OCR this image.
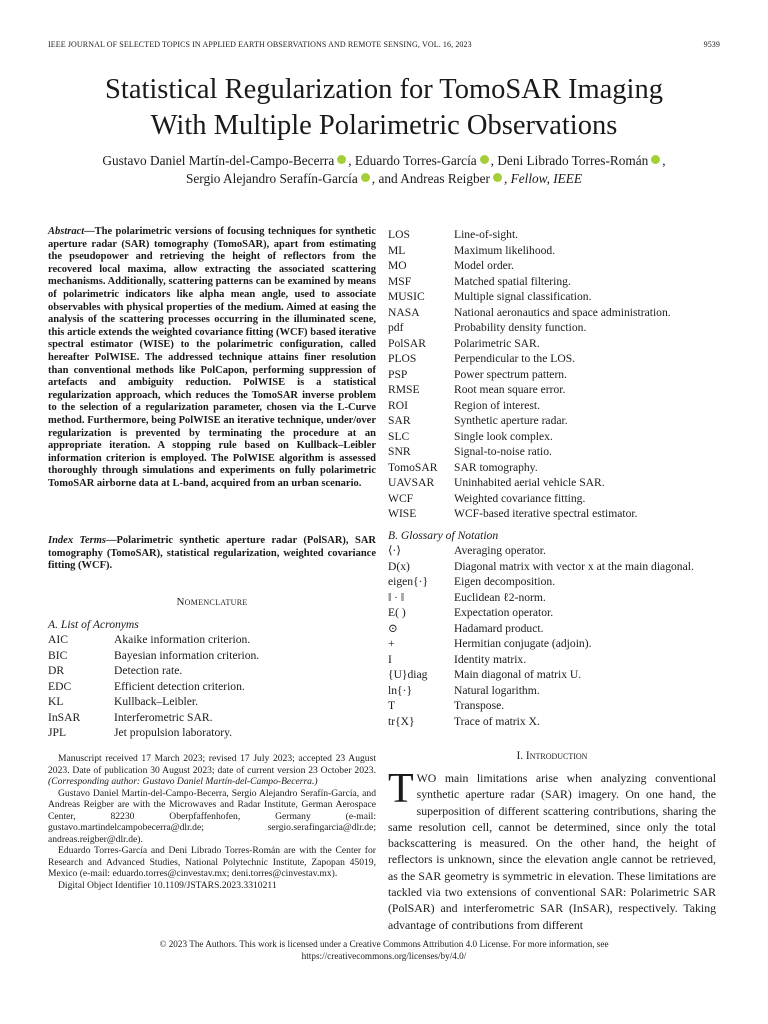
IEEE JOURNAL OF SELECTED TOPICS IN APPLIED EARTH OBSERVATIONS AND REMOTE SENSING, VOL. 16, 2023	9539
Statistical Regularization for TomoSAR Imaging
With Multiple Polarimetric Observations
Gustavo Daniel Martín-del-Campo-Becerra , Eduardo Torres-García , Deni Librado Torres-Román ,
Sergio Alejandro Serafín-García , and Andreas Reigber , Fellow, IEEE
Abstract—The polarimetric versions of focusing techniques for synthetic aperture radar (SAR) tomography (TomoSAR), apart from estimating the pseudopower and retrieving the height of reflectors from the recovered local maxima, allow extracting the associated scattering mechanisms. Additionally, scattering patterns can be examined by means of polarimetric indicators like alpha mean angle, used to associate observables with physical properties of the medium. Aimed at easing the analysis of the scattering processes occurring in the illuminated scene, this article extends the weighted covariance fitting (WCF) based iterative spectral estimator (WISE) to the polarimetric configuration, called hereafter PolWISE. The addressed technique attains finer resolution than conventional methods like PolCapon, performing suppression of artefacts and ambiguity reduction. PolWISE is a statistical regularization approach, which reduces the TomoSAR inverse problem to the selection of a regularization parameter, chosen via the L-Curve method. Furthermore, being PolWISE an iterative technique, under/over regularization is prevented by terminating the procedure at an appropriate iteration. A stopping rule based on Kullback–Leibler information criterion is employed. The PolWISE algorithm is assessed thoroughly through simulations and experiments on fully polarimetric TomoSAR airborne data at L-band, acquired from an urban scenario.
Index Terms—Polarimetric synthetic aperture radar (PolSAR), SAR tomography (TomoSAR), statistical regularization, weighted covariance fitting (WCF).
Nomenclature
A. List of Acronyms
AIC	Akaike information criterion.
BIC	Bayesian information criterion.
DR	Detection rate.
EDC	Efficient detection criterion.
KL	Kullback–Leibler.
InSAR	Interferometric SAR.
JPL	Jet propulsion laboratory.
LOS	Line-of-sight.
ML	Maximum likelihood.
MO	Model order.
MSF	Matched spatial filtering.
MUSIC	Multiple signal classification.
NASA	National aeronautics and space administration.
pdf	Probability density function.
PolSAR	Polarimetric SAR.
PLOS	Perpendicular to the LOS.
PSP	Power spectrum pattern.
RMSE	Root mean square error.
ROI	Region of interest.
SAR	Synthetic aperture radar.
SLC	Single look complex.
SNR	Signal-to-noise ratio.
TomoSAR	SAR tomography.
UAVSAR	Uninhabited aerial vehicle SAR.
WCF	Weighted covariance fitting.
WISE	WCF-based iterative spectral estimator.
B. Glossary of Notation
⟨·⟩	Averaging operator.
D(x)	Diagonal matrix with vector x at the main diagonal.
eigen{·}	Eigen decomposition.
‖ · ‖	Euclidean ℓ2-norm.
E( )	Expectation operator.
⊙	Hadamard product.
+	Hermitian conjugate (adjoin).
I	Identity matrix.
{U}diag	Main diagonal of matrix U.
ln{·}	Natural logarithm.
T	Transpose.
tr{X}	Trace of matrix X.

Manuscript received 17 March 2023; revised 17 July 2023; accepted 23 August 2023. Date of publication 30 August 2023; date of current version 23 October 2023. (Corresponding author: Gustavo Daniel Martín-del-Campo-Becerra.)

Gustavo Daniel Martín-del-Campo-Becerra, Sergio Alejandro Serafín-García, and Andreas Reigber are with the Microwaves and Radar Institute, German Aerospace Center, 82230 Oberpfaffenhofen, Germany (e-mail: gustavo.martindelcampobecerra@dlr.de; sergio.serafingarcia@dlr.de; andreas.reigber@dlr.de).

Eduardo Torres-García and Deni Librado Torres-Román are with the Center for Research and Advanced Studies, National Polytechnic Institute, Zapopan 45019, Mexico (e-mail: eduardo.torres@cinvestav.mx; deni.torres@cinvestav.mx).

Digital Object Identifier 10.1109/JSTARS.2023.3310211

I. Introduction
TWO main limitations arise when analyzing conventional synthetic aperture radar (SAR) imagery. On one hand, the superposition of different scattering contributions, sharing the same resolution cell, cannot be determined, since only the total backscattering is measured. On the other hand, the height of reflectors is unknown, since the elevation angle cannot be retrieved, as the SAR geometry is symmetric in elevation. These limitations are tackled via two extensions of conventional SAR: Polarimetric SAR (PolSAR) and interferometric SAR (InSAR), respectively. Taking advantage of contributions from different
© 2023 The Authors. This work is licensed under a Creative Commons Attribution 4.0 License. For more information, see
https://creativecommons.org/licenses/by/4.0/
